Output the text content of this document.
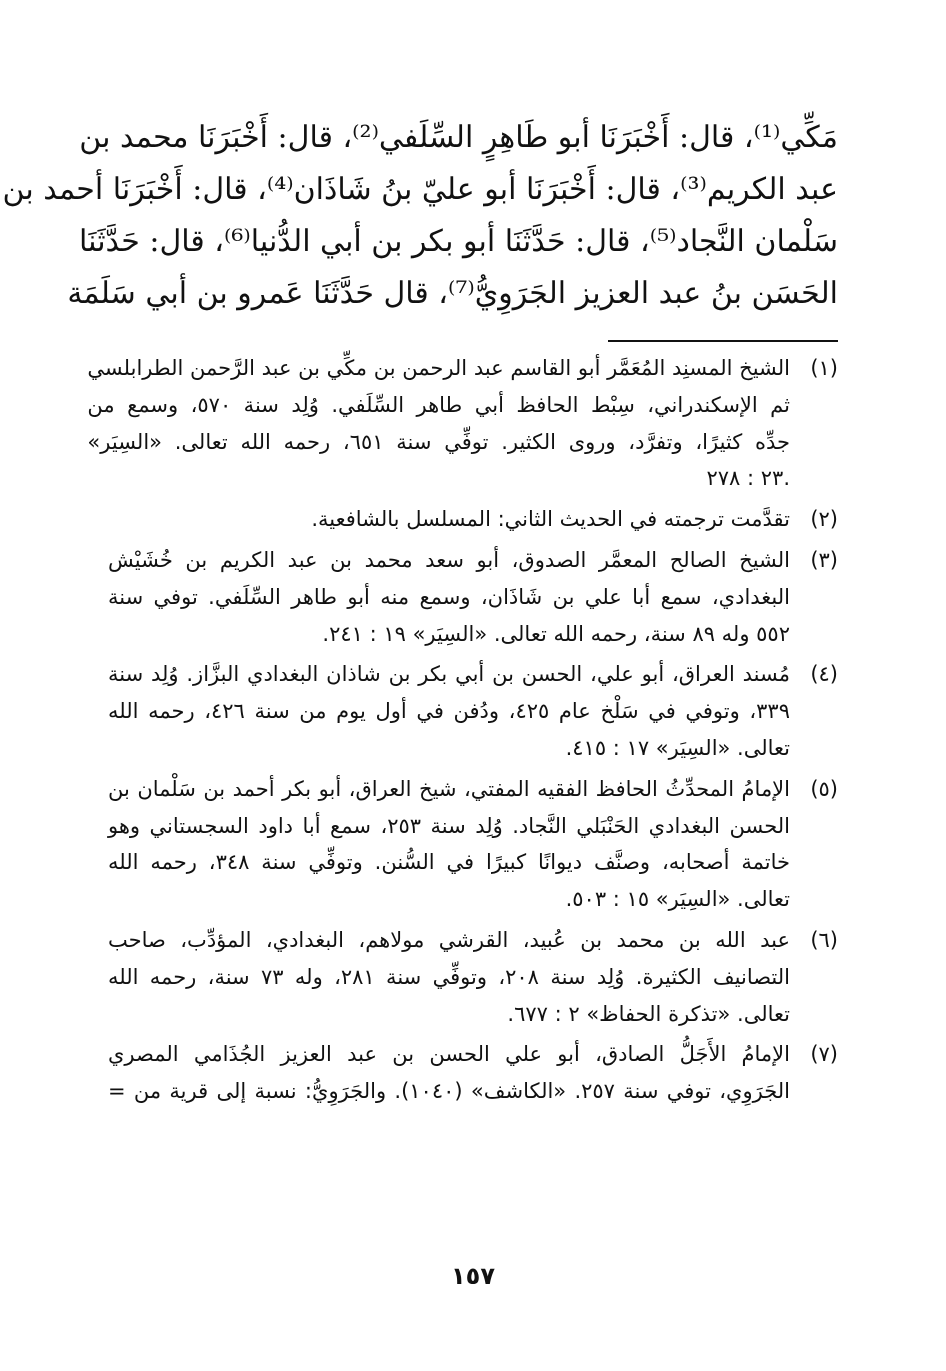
مَكِّي⁽¹⁾، قال: أَخْبَرَنَا أبو طَاهِرٍ السِّلَفي⁽²⁾، قال: أَخْبَرَنَا محمد بن
عبد الكريم⁽³⁾، قال: أَخْبَرَنَا أبو عليّ بنُ شَاذَان⁽⁴⁾، قال: أَخْبَرَنَا أحمد بن
سَلْمان النَّجاد⁽⁵⁾، قال: حَدَّثَنَا أبو بكر بن أبي الدُّنيا⁽⁶⁾، قال: حَدَّثَنَا
الحَسَن بنُ عبد العزيز الجَرَوِيُّ⁽⁷⁾، قال حَدَّثَنَا عَمرو بن أبي سَلَمَة
(١)
الشيخ المسنِد المُعَمَّر أبو القاسم عبد الرحمن بن مكِّي بن عبد الرَّحمن الطرابلسي
ثم الإسكندراني، سِبْط الحافظ أبي طاهر السِّلَفي. وُلِد سنة ٥٧٠، وسمع من
جدِّه كثيرًا، وتفرَّد، وروى الكثير. توفِّي سنة ٦٥١، رحمه الله تعالى. «السِيَر»
.٢٣ : ٢٧٨
(٢)
تقدَّمت ترجمته في الحديث الثاني: المسلسل بالشافعية.
(٣)
الشيخ الصالح المعمَّر الصدوق، أبو سعد محمد بن عبد الكريم بن خُشَيْش
البغدادي، سمع أبا علي بن شَاذَان، وسمع منه أبو طاهر السِّلَفي. توفي سنة
٥٥٢ وله ٨٩ سنة، رحمه الله تعالى. «السِيَر» ١٩ : ٢٤١.
(٤)
مُسند العراق، أبو علي، الحسن بن أبي بكر بن شاذان البغدادي البزَّاز. وُلِد سنة
٣٣٩، وتوفي في سَلْخ عام ٤٢٥، ودُفن في أول يوم من سنة ٤٢٦، رحمه الله
تعالى. «السِيَر» ١٧ : ٤١٥.
(٥)
الإمامُ المحدِّثُ الحافظ الفقيه المفتي، شيخ العراق، أبو بكر أحمد بن سَلْمان بن
الحسن البغدادي الحَنْبَلي النَّجاد. وُلِد سنة ٢٥٣، سمع أبا داود السجستاني وهو
خاتمة أصحابه، وصنَّف ديوانًا كبيرًا في السُّنن. وتوفِّي سنة ٣٤٨، رحمه الله
تعالى. «السِيَر» ١٥ : ٥٠٣.
(٦)
عبد الله بن محمد بن عُبيد، القرشي مولاهم، البغدادي، المؤدِّب، صاحب
التصانيف الكثيرة. وُلِد سنة ٢٠٨، وتوفِّي سنة ٢٨١، وله ٧٣ سنة، رحمه الله
تعالى. «تذكرة الحفاظ» ٢ : ٦٧٧.
(٧)
الإمامُ الأَجَلُّ الصادق، أبو علي الحسن بن عبد العزيز الجُذَامي المصري
الجَرَوِي، توفي سنة ٢٥٧. «الكاشف» (١٠٤٠). والجَرَوِيُّ: نسبة إلى قرية من =
١٥٧
